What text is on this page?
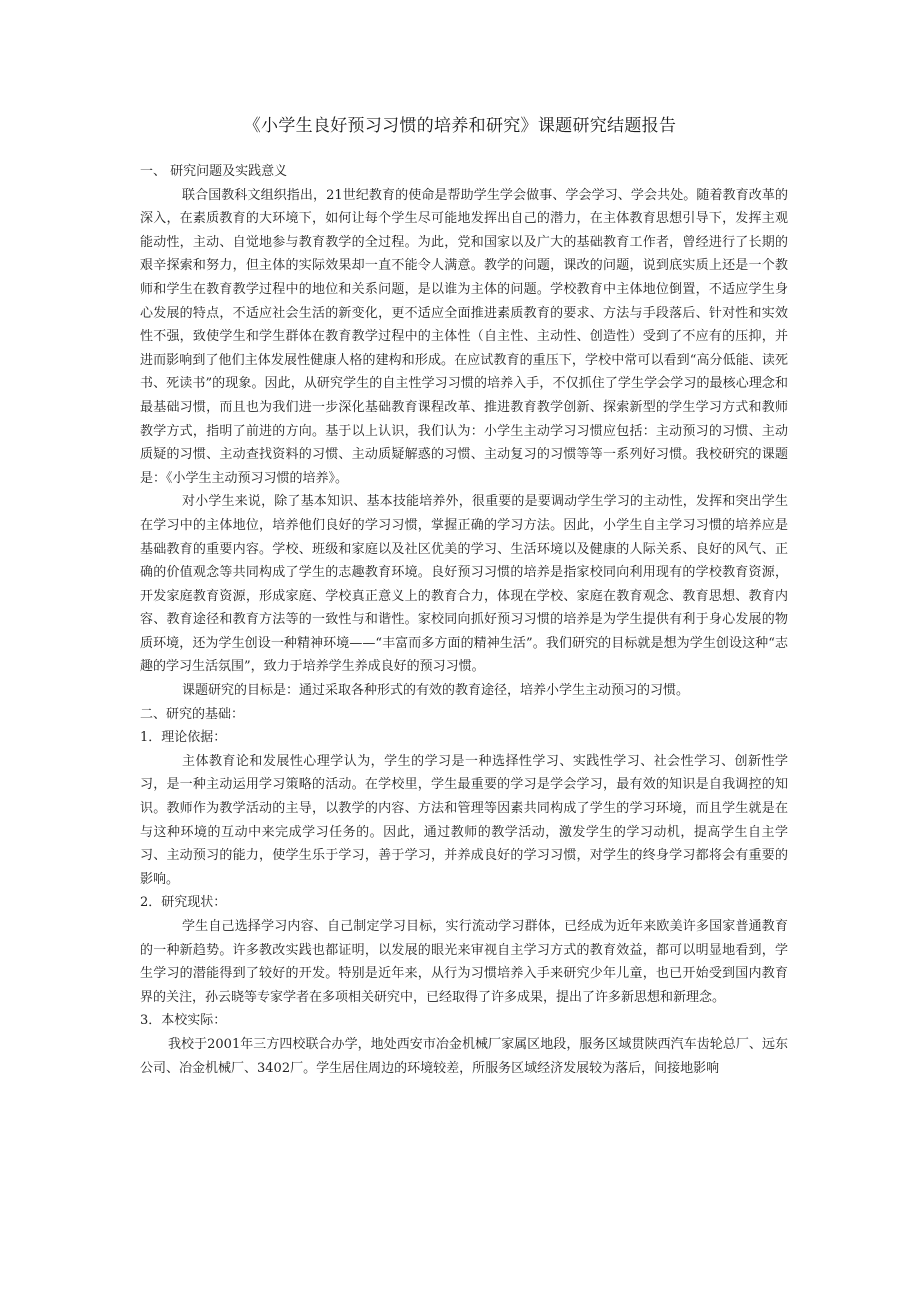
《小学生良好预习习惯的培养和研究》课题研究结题报告

一、 研究问题及实践意义

联合国教科文组织指出，21世纪教育的使命是帮助学生学会做事、学会学习、学会共处。随着教育改革的深入，在素质教育的大环境下，如何让每个学生尽可能地发挥出自己的潜力，在主体教育思想引导下，发挥主观能动性，主动、自觉地参与教育教学的全过程。为此，党和国家以及广大的基础教育工作者，曾经进行了长期的艰辛探索和努力，但主体的实际效果却一直不能令人满意。教学的问题，课改的问题，说到底实质上还是一个教师和学生在教育教学过程中的地位和关系问题，是以谁为主体的问题。学校教育中主体地位倒置，不适应学生身心发展的特点，不适应社会生活的新变化，更不适应全面推进素质教育的要求、方法与手段落后、针对性和实效性不强，致使学生和学生群体在教育教学过程中的主体性（自主性、主动性、创造性）受到了不应有的压抑，并进而影响到了他们主体发展性健康人格的建构和形成。在应试教育的重压下，学校中常可以看到“高分低能、读死书、死读书”的现象。因此，从研究学生的自主性学习习惯的培养入手，不仅抓住了学生学会学习的最核心理念和最基础习惯，而且也为我们进一步深化基础教育课程改革、推进教育教学创新、探索新型的学生学习方式和教师教学方式，指明了前进的方向。基于以上认识，我们认为：小学生主动学习习惯应包括：主动预习的习惯、主动质疑的习惯、主动查找资料的习惯、主动质疑解惑的习惯、主动复习的习惯等等一系列好习惯。我校研究的课题是：《小学生主动预习习惯的培养》。

对小学生来说，除了基本知识、基本技能培养外，很重要的是要调动学生学习的主动性，发挥和突出学生在学习中的主体地位，培养他们良好的学习习惯，掌握正确的学习方法。因此，小学生自主学习习惯的培养应是基础教育的重要内容。学校、班级和家庭以及社区优美的学习、生活环境以及健康的人际关系、良好的风气、正确的价值观念等共同构成了学生的志趣教育环境。良好预习习惯的培养是指家校同向利用现有的学校教育资源，开发家庭教育资源，形成家庭、学校真正意义上的教育合力，体现在学校、家庭在教育观念、教育思想、教育内容、教育途径和教育方法等的一致性与和谐性。家校同向抓好预习习惯的培养是为学生提供有利于身心发展的物质环境，还为学生创设一种精神环境——“丰富而多方面的精神生活”。我们研究的目标就是想为学生创设这种“志趣的学习生活氛围”，致力于培养学生养成良好的预习习惯。

课题研究的目标是：通过采取各种形式的有效的教育途径，培养小学生主动预习的习惯。

二、研究的基础：

1．理论依据：

主体教育论和发展性心理学认为，学生的学习是一种选择性学习、实践性学习、社会性学习、创新性学习，是一种主动运用学习策略的活动。在学校里，学生最重要的学习是学会学习，最有效的知识是自我调控的知识。教师作为教学活动的主导，以教学的内容、方法和管理等因素共同构成了学生的学习环境，而且学生就是在与这种环境的互动中来完成学习任务的。因此，通过教师的教学活动，激发学生的学习动机，提高学生自主学习、主动预习的能力，使学生乐于学习，善于学习，并养成良好的学习习惯，对学生的终身学习都将会有重要的影响。

2．研究现状：

学生自己选择学习内容、自己制定学习目标，实行流动学习群体，已经成为近年来欧美许多国家普通教育的一种新趋势。许多教改实践也都证明，以发展的眼光来审视自主学习方式的教育效益，都可以明显地看到，学生学习的潜能得到了较好的开发。特别是近年来，从行为习惯培养入手来研究少年儿童，也已开始受到国内教育界的关注，孙云晓等专家学者在多项相关研究中，已经取得了许多成果，提出了许多新思想和新理念。

3．本校实际：

我校于2001年三方四校联合办学，地处西安市冶金机械厂家属区地段，服务区域贯陕西汽车齿轮总厂、远东公司、冶金机械厂、3402厂。学生居住周边的环境较差，所服务区域经济发展较为落后，间接地影响
